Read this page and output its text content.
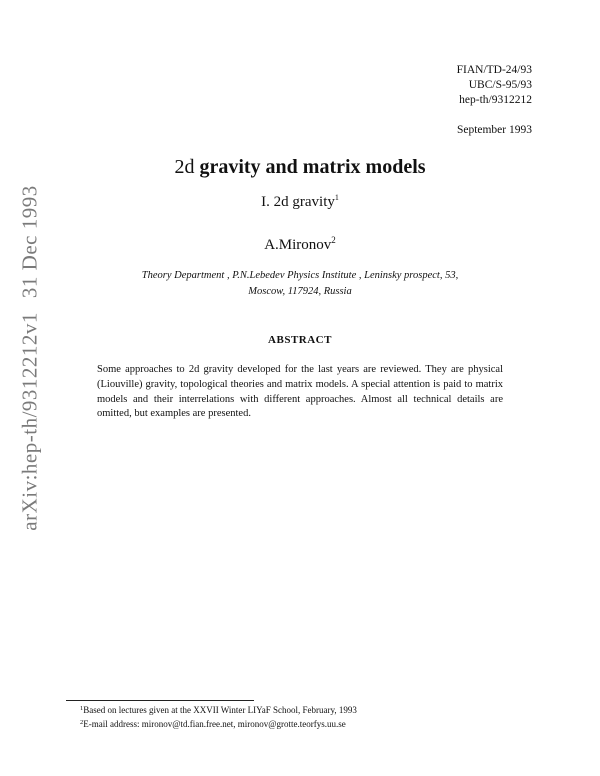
arXiv:hep-th/9312212v131 Dec 1993
FIAN/TD-24/93
UBC/S-95/93
hep-th/9312212
September 1993
2d gravity and matrix models
I. 2d gravity$^1$
A.Mironov$^2$
Theory Department , P.N.Lebedev Physics Institute , Leninsky prospect, 53,
Moscow, 117924, Russia
ABSTRACT
Some approaches to 2d gravity developed for the last years are reviewed. They are physical (Liouville) gravity, topological theories and matrix models. A special attention is paid to matrix models and their interrelations with different approaches. Almost all technical details are omitted, but examples are presented.
$^1$Based on lectures given at the XXVII Winter LIYaF School, February, 1993
$^2$E-mail address: mironov@td.fian.free.net, mironov@grotte.teorfys.uu.se
